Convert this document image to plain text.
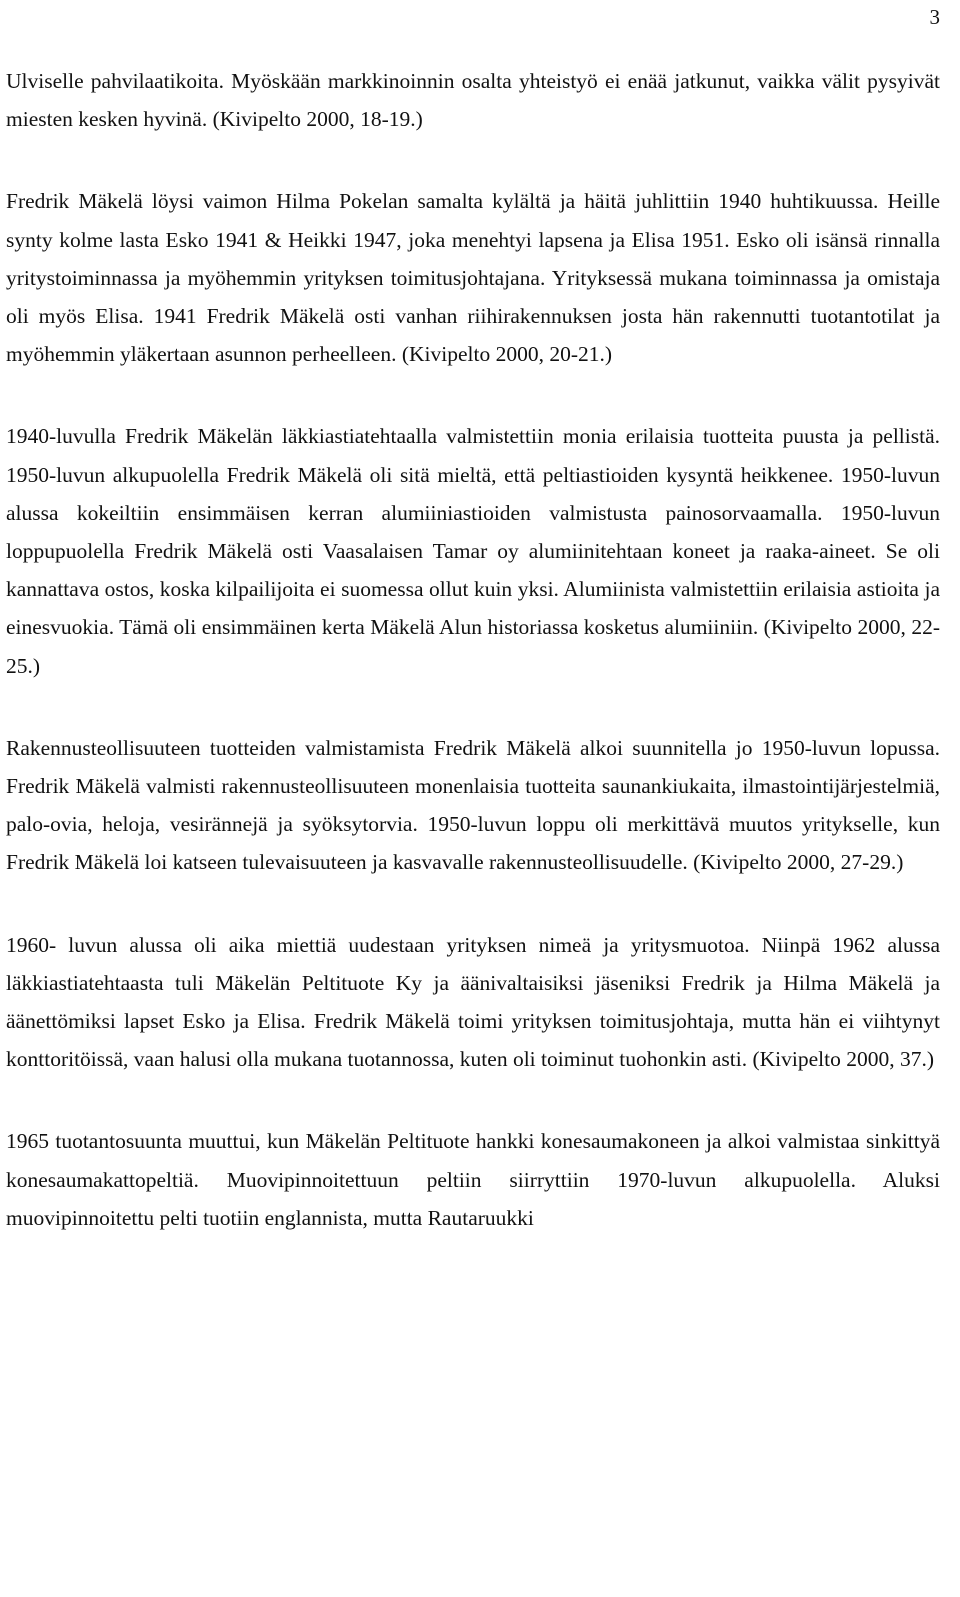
3

Ulviselle pahvilaatikoita. Myöskään markkinoinnin osalta yhteistyö ei enää jatkunut, vaikka välit pysyivät miesten kesken hyvinä. (Kivipelto 2000, 18-19.)

Fredrik Mäkelä löysi vaimon Hilma Pokelan samalta kylältä ja häitä juhlittiin 1940 huhtikuussa. Heille synty kolme lasta Esko 1941 & Heikki 1947, joka menehtyi lapsena ja Elisa 1951. Esko oli isänsä rinnalla yritystoiminnassa ja myöhemmin yrityksen toimitusjohtajana. Yrityksessä mukana toiminnassa ja omistaja oli myös Elisa. 1941 Fredrik Mäkelä osti vanhan riihirakennuksen josta hän rakennutti tuotantotilat ja myöhemmin yläkertaan asunnon perheelleen. (Kivipelto 2000, 20-21.)

1940-luvulla Fredrik Mäkelän läkkiastiatehtaalla valmistettiin monia erilaisia tuotteita puusta ja pellistä. 1950-luvun alkupuolella Fredrik Mäkelä oli sitä mieltä, että peltiastioiden kysyntä heikkenee. 1950-luvun alussa kokeiltiin ensimmäisen kerran alumiiniastioiden valmistusta painosorvaamalla. 1950-luvun loppupuolella Fredrik Mäkelä osti Vaasalaisen Tamar oy alumiinitehtaan koneet ja raaka-aineet. Se oli kannattava ostos, koska kilpailijoita ei suomessa ollut kuin yksi. Alumiinista valmistettiin erilaisia astioita ja einesvuokia. Tämä oli ensimmäinen kerta Mäkelä Alun historiassa kosketus alumiiniin. (Kivipelto 2000, 22-25.)

Rakennusteollisuuteen tuotteiden valmistamista Fredrik Mäkelä alkoi suunnitella jo 1950-luvun lopussa. Fredrik Mäkelä valmisti rakennusteollisuuteen monenlaisia tuotteita saunankiukaita, ilmastointijärjestelmiä, palo-ovia, heloja, vesirännejä ja syöksytorvia. 1950-luvun loppu oli merkittävä muutos yritykselle, kun Fredrik Mäkelä loi katseen tulevaisuuteen ja kasvavalle rakennusteollisuudelle. (Kivipelto 2000, 27-29.)

1960- luvun alussa oli aika miettiä uudestaan yrityksen nimeä ja yritysmuotoa. Niinpä 1962 alussa läkkiastiatehtaasta tuli Mäkelän Peltituote Ky ja äänivaltaisiksi jäseniksi Fredrik ja Hilma Mäkelä ja äänettömiksi lapset Esko ja Elisa. Fredrik Mäkelä toimi yrityksen toimitusjohtaja, mutta hän ei viihtynyt konttoritöissä, vaan halusi olla mukana tuotannossa, kuten oli toiminut tuohonkin asti. (Kivipelto 2000, 37.)

1965 tuotantosuunta muuttui, kun Mäkelän Peltituote hankki konesaumakoneen ja alkoi valmistaa sinkittyä konesaumakattopeltiä. Muovipinnoitettuun peltiin siirryttiin 1970-luvun alkupuolella. Aluksi muovipinnoitettu pelti tuotiin englannista, mutta Rautaruukki
